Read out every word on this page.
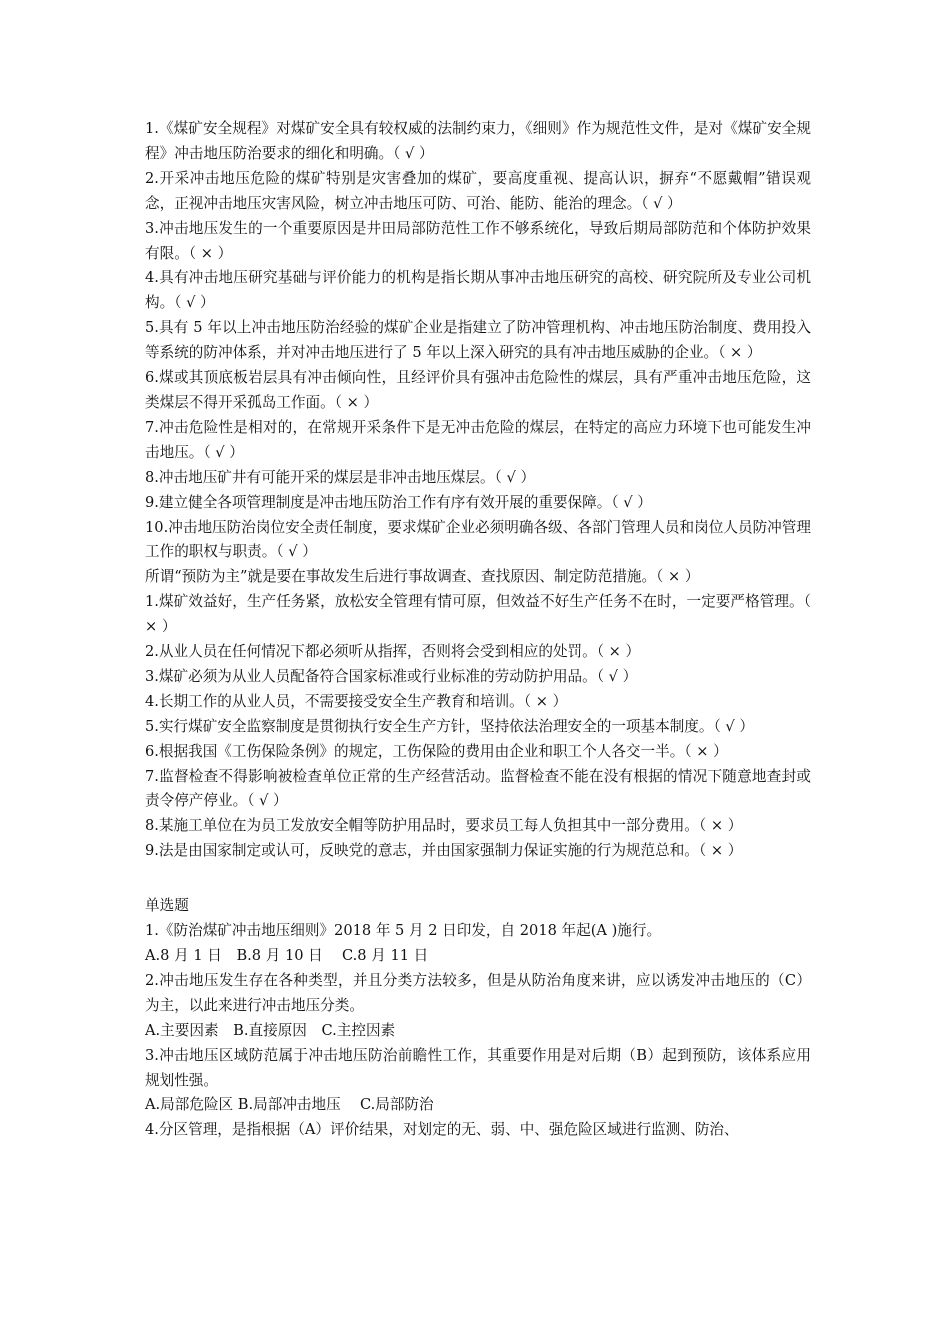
1.《煤矿安全规程》对煤矿安全具有较权威的法制约束力，《细则》作为规范性文件，是对《煤矿安全规程》冲击地压防治要求的细化和明确。（ √ ）
2.开采冲击地压危险的煤矿特别是灾害叠加的煤矿，要高度重视、提高认识，摒弃“不愿戴帽”错误观念，正视冲击地压灾害风险，树立冲击地压可防、可治、能防、能治的理念。（ √ ）
3.冲击地压发生的一个重要原因是井田局部防范性工作不够系统化，导致后期局部防范和个体防护效果有限。（ × ）
4.具有冲击地压研究基础与评价能力的机构是指长期从事冲击地压研究的高校、研究院所及专业公司机构。（ √ ）
5.具有 5 年以上冲击地压防治经验的煤矿企业是指建立了防冲管理机构、冲击地压防治制度、费用投入等系统的防冲体系，并对冲击地压进行了 5 年以上深入研究的具有冲击地压威胁的企业。（ × ）
6.煤或其顶底板岩层具有冲击倾向性，且经评价具有强冲击危险性的煤层，具有严重冲击地压危险，这类煤层不得开采孤岛工作面。（ × ）
7.冲击危险性是相对的，在常规开采条件下是无冲击危险的煤层，在特定的高应力环境下也可能发生冲击地压。（ √ ）
8.冲击地压矿井有可能开采的煤层是非冲击地压煤层。（ √ ）
9.建立健全各项管理制度是冲击地压防治工作有序有效开展的重要保障。（ √ ）
10.冲击地压防治岗位安全责任制度，要求煤矿企业必须明确各级、各部门管理人员和岗位人员防冲管理工作的职权与职责。（ √ ）
所谓“预防为主”就是要在事故发生后进行事故调查、查找原因、制定防范措施。（ × ）
1.煤矿效益好，生产任务紧，放松安全管理有情可原，但效益不好生产任务不在时，一定要严格管理。（ × ）
2.从业人员在任何情况下都必须听从指挥，否则将会受到相应的处罚。（ × ）
3.煤矿必须为从业人员配备符合国家标准或行业标准的劳动防护用品。（ √ ）
4.长期工作的从业人员，不需要接受安全生产教育和培训。（ × ）
5.实行煤矿安全监察制度是贯彻执行安全生产方针，坚持依法治理安全的一项基本制度。（ √ ）
6.根据我国《工伤保险条例》的规定，工伤保险的费用由企业和职工个人各交一半。（ × ）
7.监督检查不得影响被检查单位正常的生产经营活动。监督检查不能在没有根据的情况下随意地查封或责令停产停业。（ √ ）
8.某施工单位在为员工发放安全帽等防护用品时，要求员工每人负担其中一部分费用。（ × ）
9.法是由国家制定或认可，反映党的意志，并由国家强制力保证实施的行为规范总和。（ × ）
单选题
1.《防治煤矿冲击地压细则》2018 年 5 月 2 日印发，自 2018 年起(A )施行。
A.8 月 1 日　B.8 月 10 日　 C.8 月 11 日
2.冲击地压发生存在各种类型，并且分类方法较多，但是从防治角度来讲，应以诱发冲击地压的（C）为主，以此来进行冲击地压分类。
A.主要因素　B.直接原因　C.主控因素
3.冲击地压区域防范属于冲击地压防治前瞻性工作，其重要作用是对后期（B）起到预防，该体系应用规划性强。
A.局部危险区 B.局部冲击地压　 C.局部防治
4.分区管理，是指根据（A）评价结果，对划定的无、弱、中、强危险区域进行监测、防治、
